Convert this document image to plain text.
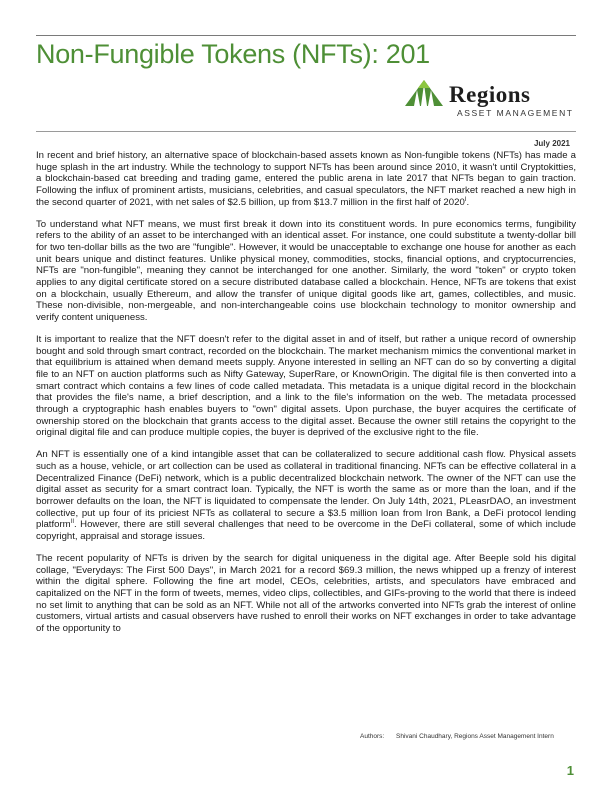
Non-Fungible Tokens (NFTs): 201
Regions
ASSET MANAGEMENT
July 2021

In recent and brief history, an alternative space of blockchain-based assets known as Non-fungible tokens (NFTs) has made a huge splash in the art industry. While the technology to support NFTs has been around since 2010, it wasn't until Cryptokitties, a blockchain-based cat breeding and trading game, entered the public arena in late 2017 that NFTs began to gain traction. Following the influx of prominent artists, musicians, celebrities, and casual speculators, the NFT market reached a new high in the second quarter of 2021, with net sales of $2.5 billion, up from $13.7 million in the first half of $2020^I$.

To understand what NFT means, we must first break it down into its constituent words. In pure economics terms, fungibility refers to the ability of an asset to be interchanged with an identical asset. For instance, one could substitute a twenty-dollar bill for two ten-dollar bills as the two are "fungible". However, it would be unacceptable to exchange one house for another as each unit bears unique and distinct features. Unlike physical money, commodities, stocks, financial options, and cryptocurrencies, NFTs are "non-fungible", meaning they cannot be interchanged for one another. Similarly, the word "token" or crypto token applies to any digital certificate stored on a secure distributed database called a blockchain. Hence, NFTs are tokens that exist on a blockchain, usually Ethereum, and allow the transfer of unique digital goods like art, games, collectibles, and music. These non-divisible, non-mergeable, and non-interchangeable coins use blockchain technology to monitor ownership and verify content uniqueness.

It is important to realize that the NFT doesn't refer to the digital asset in and of itself, but rather a unique record of ownership bought and sold through smart contract, recorded on the blockchain. The market mechanism mimics the conventional market in that equilibrium is attained when demand meets supply. Anyone interested in selling an NFT can do so by converting a digital file to an NFT on auction platforms such as Nifty Gateway, SuperRare, or KnownOrigin. The digital file is then converted into a smart contract which contains a few lines of code called metadata. This metadata is a unique digital record in the blockchain that provides the file's name, a brief description, and a link to the file's information on the web. The metadata processed through a cryptographic hash enables buyers to "own" digital assets. Upon purchase, the buyer acquires the certificate of ownership stored on the blockchain that grants access to the digital asset. Because the owner still retains the copyright to the original digital file and can produce multiple copies, the buyer is deprived of the exclusive right to the file.

An NFT is essentially one of a kind intangible asset that can be collateralized to secure additional cash flow. Physical assets such as a house, vehicle, or art collection can be used as collateral in traditional financing. NFTs can be effective collateral in a Decentralized Finance (DeFi) network, which is a public decentralized blockchain network. The owner of the NFT can use the digital asset as security for a smart contract loan. Typically, the NFT is worth the same as or more than the loan, and if the borrower defaults on the loan, the NFT is liquidated to compensate the lender. On July 14th, 2021, PLeasrDAO, an investment collective, put up four of its priciest NFTs as collateral to secure a $3.5 million loan from Iron Bank, a DeFi protocol lending platform$^{II}$. However, there are still several challenges that need to be overcome in the DeFi collateral, some of which include copyright, appraisal and storage issues.

The recent popularity of NFTs is driven by the search for digital uniqueness in the digital age. After Beeple sold his digital collage, "Everydays: The First 500 Days", in March 2021 for a record $69.3 million, the news whipped up a frenzy of interest within the digital sphere. Following the fine art model, CEOs, celebrities, artists, and speculators have embraced and capitalized on the NFT in the form of tweets, memes, video clips, collectibles, and GIFs-proving to the world that there is indeed no set limit to anything that can be sold as an NFT. While not all of the artworks converted into NFTs grab the interest of online customers, virtual artists and casual observers have rushed to enroll their works on NFT exchanges in order to take advantage of the opportunity to

Authors: Shivani Chaudhary, Regions Asset Management Intern
1
